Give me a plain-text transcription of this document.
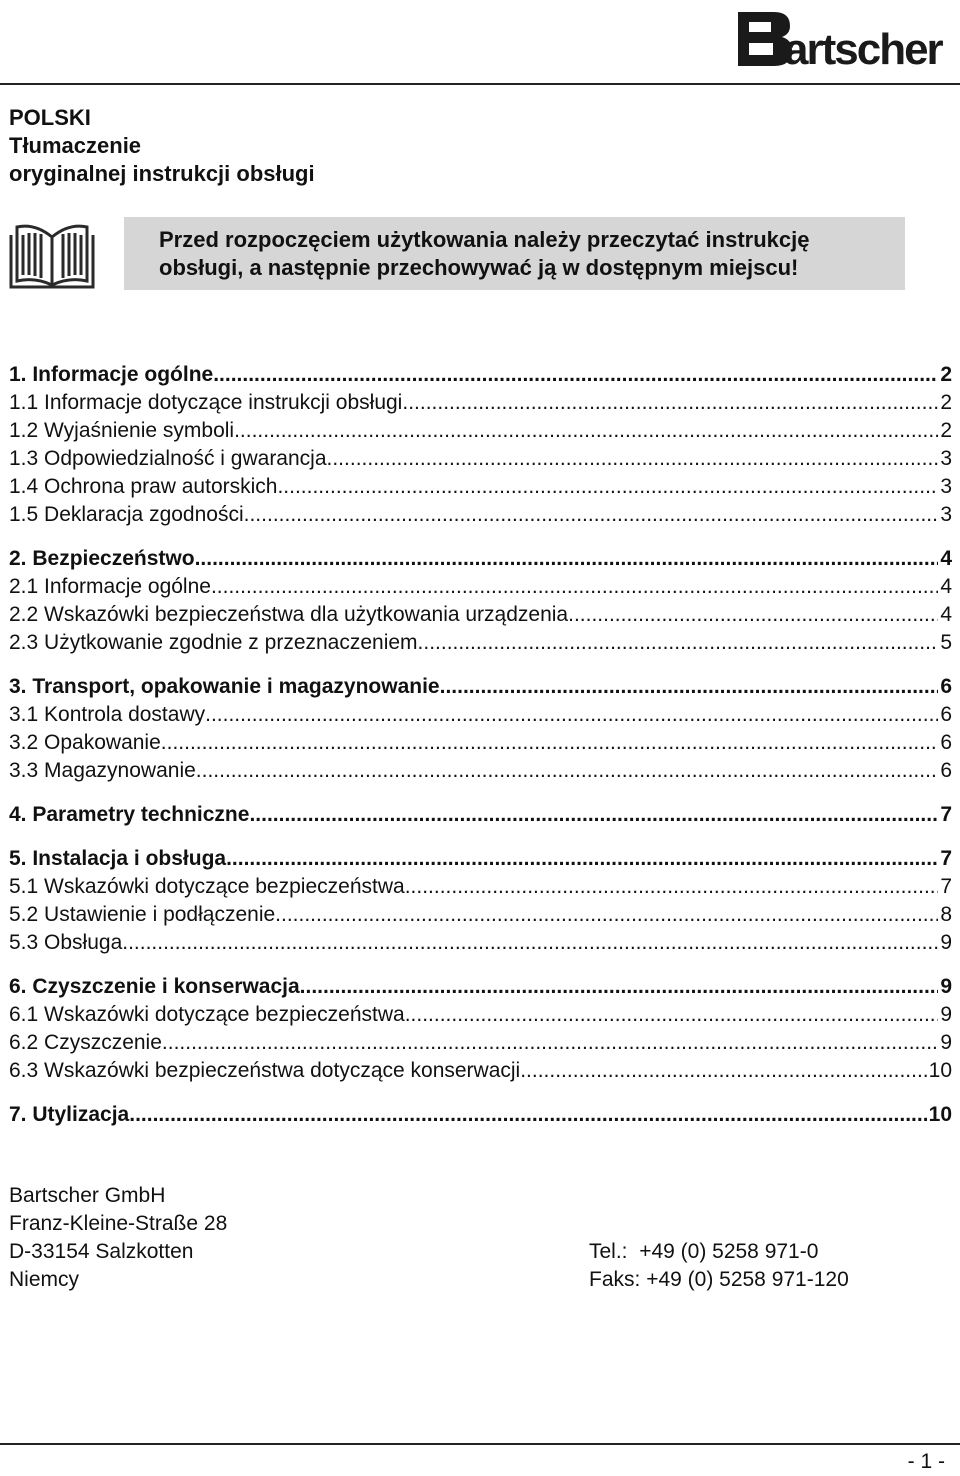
artscher
POLSKI
Tłumaczenie
oryginalnej instrukcji obsługi
Przed rozpoczęciem użytkowania należy przeczytać instrukcję
obsługi, a następnie przechowywać ją w dostępnym miejscu!
1. Informacje ogólne .....	2
1.1 Informacje dotyczące instrukcji obsługi .....	2
1.2 Wyjaśnienie symboli .....	2
1.3 Odpowiedzialność i gwarancja .....	3
1.4 Ochrona praw autorskich .....	3
1.5 Deklaracja zgodności .....	3
2. Bezpieczeństwo .....	4
2.1 Informacje ogólne .....	4
2.2 Wskazówki bezpieczeństwa dla użytkowania urządzenia .....	4
2.3 Użytkowanie zgodnie z przeznaczeniem .....	5
3. Transport, opakowanie i magazynowanie .....	6
3.1 Kontrola dostawy .....	6
3.2 Opakowanie .....	6
3.3 Magazynowanie .....	6
4. Parametry techniczne .....	7
5. Instalacja i obsługa .....	7
5.1 Wskazówki dotyczące bezpieczeństwa .....	7
5.2 Ustawienie i podłączenie .....	8
5.3 Obsługa .....	9
6. Czyszczenie i konserwacja .....	9
6.1 Wskazówki dotyczące bezpieczeństwa .....	9
6.2 Czyszczenie .....	9
6.3 Wskazówki bezpieczeństwa dotyczące konserwacji .....	10
7. Utylizacja .....	10
Bartscher GmbH
Franz-Kleine-Straße 28
D-33154 Salzkotten
Niemcy
Tel.: +49 (0) 5258 971-0
Faks: +49 (0) 5258 971-120
- 1 -
